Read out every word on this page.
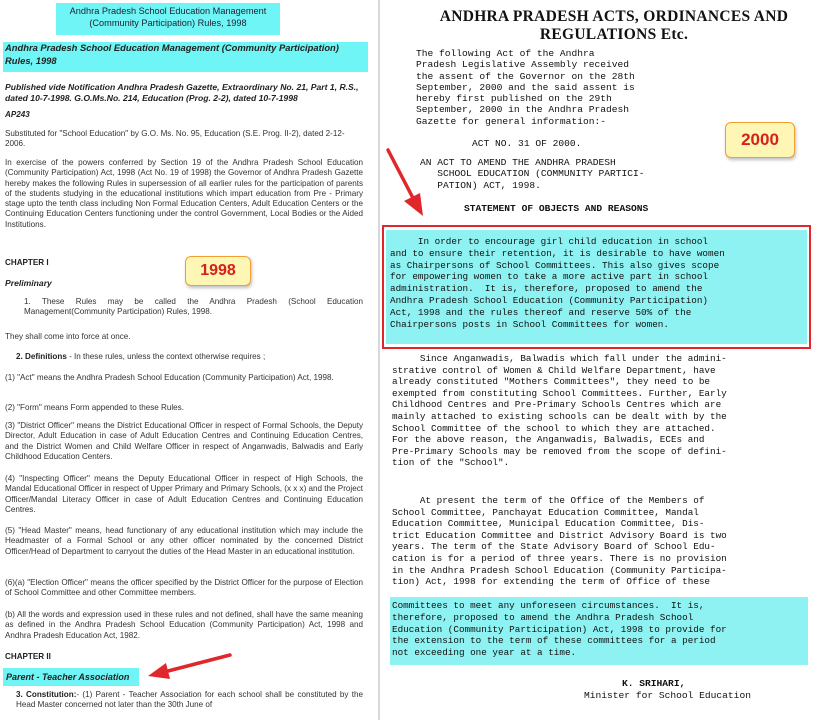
Andhra Pradesh School Education Management
(Community Participation) Rules, 1998
Andhra Pradesh School Education Management (Community Participation) Rules, 1998

Published vide Notification Andhra Pradesh Gazette, Extraordinary No. 21, Part 1, R.S., dated 10-7-1998. G.O.Ms.No. 214, Education (Prog. 2-2), dated 10-7-1998

AP243

Substituted for "School Education" by G.O. Ms. No. 95, Education (S.E. Prog. II-2), dated 2-12-2006.

In exercise of the powers conferred by Section 19 of the Andhra Pradesh School Education (Community Participation) Act, 1998 (Act No. 19 of 1998) the Governor of Andhra Pradesh Gazette hereby makes the following Rules in supersession of all earlier rules for the participation of parents of the students studying in the educational institutions which impart education from Pre - Primary stage upto the tenth class including Non Formal Education Centers, Adult Education Centers or the Continuing Education Centers functioning under the control Government, Local Bodies or the Aided Institutions.

CHAPTER I

Preliminary

1998

1. These Rules may be called the Andhra Pradesh (School Education Management(Community Participation) Rules, 1998.

They shall come into force at once.

2. Definitions - In these rules, unless the context otherwise requires ;

(1) "Act" means the Andhra Pradesh School Education (Community Participation) Act, 1998.

(2) "Form" means Form appended to these Rules.

(3) "District Officer" means the District Educational Officer in respect of Formal Schools, the Deputy Director, Adult Education in case of Adult Education Centres and Continuing Education Centres, and the District Women and Child Welfare Officer in respect of Anganwadis, Balwadis and Early Childhood Education Centers.

(4) "Inspecting Officer" means the Deputy Educational Officer in respect of High Schools, the Mandal Educational Officer in respect of Upper Primary and Primary Schools, (x x x) and the Project Officer/Mandal Literacy Officer in case of Adult Education Centres and Continuing Education Centres.

(5) "Head Master" means, head functionary of any educational institution which may include the Headmaster of a Formal School or any other officer nominated by the concerned District Officer/Head of Department to carryout the duties of the Head Master in an educational institution.

(6)(a) "Election Officer" means the officer specified by the District Officer for the purpose of Election of School Committee and other Committee members.

(b) All the words and expression used in these rules and not defined, shall have the same meaning as defined in the Andhra Pradesh School Education (Community Participation) Act, 1998 and Andhra Pradesh Education Act, 1982.

CHAPTER II

Parent - Teacher Association

3. Constitution:- (1) Parent - Teacher Association for each school shall be constituted by the Head Master concerned not later than the 30th June of

ANDHRA PRADESH ACTS, ORDINANCES AND
REGULATIONS Etc.

The following Act of the Andhra
Pradesh Legislative Assembly received
the assent of the Governor on the 28th
September, 2000 and the said assent is
hereby first published on the 29th
September, 2000 in the Andhra Pradesh
Gazette for general information:-

2000

ACT NO. 31 OF 2000.

AN ACT TO AMEND THE ANDHRA PRADESH
SCHOOL EDUCATION (COMMUNITY PARTICI-
PATION) ACT, 1998.

STATEMENT OF OBJECTS AND REASONS

In order to encourage girl child education in school
and to ensure their retention, it is desirable to have women
as Chairpersons of School Committees. This also gives scope
for empowering women to take a more active part in school
administration.  It is, therefore, proposed to amend the
Andhra Pradesh School Education (Community Participation)
Act, 1998 and the rules thereof and reserve 50% of the
Chairpersons posts in School Committees for women.

Since Anganwadis, Balwadis which fall under the admini-
strative control of Women & Child Welfare Department, have
already constituted "Mothers Committees", they need to be
exempted from constituting School Committees. Further, Early
Childhood Centres and Pre-Primary Schools Centres which are
mainly attached to existing schools can be dealt with by the
School Committee of the school to which they are attached.
For the above reason, the Anganwadis, Balwadis, ECEs and
Pre-Primary Schools may be removed from the scope of defini-
tion of the "School".

At present the term of the Office of the Members of
School Committee, Panchayat Education Committee, Mandal
Education Committee, Municipal Education Committee, Dis-
trict Education Committee and District Advisory Board is two
years. The term of the State Advisory Board of School Edu-
cation is for a period of three years. There is no provision
in the Andhra Pradesh School Education (Community Participa-
tion) Act, 1998 for extending the term of Office of these

Committees to meet any unforeseen circumstances.  It is,
therefore, proposed to amend the Andhra Pradesh School
Education (Community Participation) Act, 1998 to provide for
the extension to the term of these committees for a period
not exceeding one year at a time.

K. SRIHARI,

Minister for School Education
